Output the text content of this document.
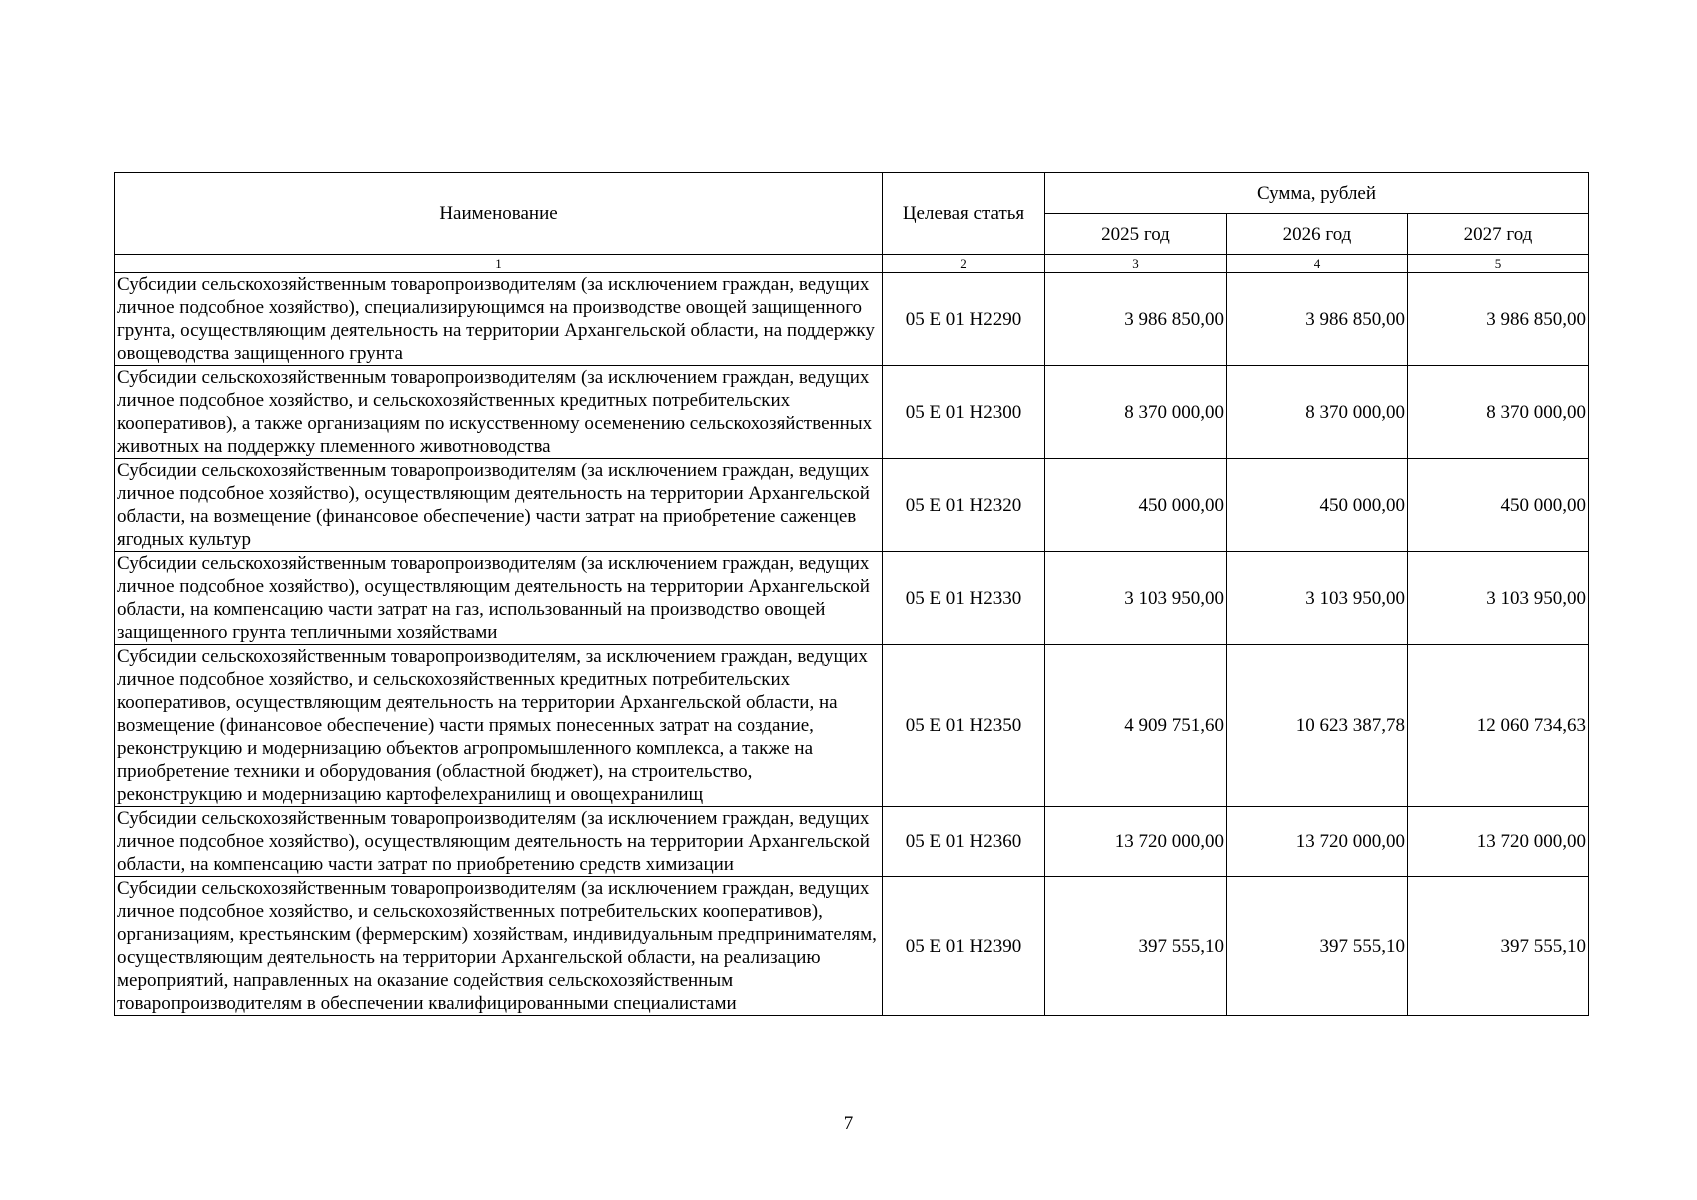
Наименование	Целевая статья	Сумма, рублей		
		2025 год	2026 год	2027 год
1	2	3	4	5
Субсидии сельскохозяйственным товаропроизводителям (за исключением граждан, ведущих личное подсобное хозяйство), специализирующимся на производстве овощей защищенного грунта, осуществляющим деятельность на территории Архангельской области, на поддержку овощеводства защищенного грунта	05 Е 01 Н2290	3 986 850,00	3 986 850,00	3 986 850,00
Субсидии сельскохозяйственным товаропроизводителям (за исключением граждан, ведущих личное подсобное хозяйство, и сельскохозяйственных кредитных потребительских кооперативов), а также организациям по искусственному осеменению сельскохозяйственных животных на поддержку племенного животноводства	05 Е 01 Н2300	8 370 000,00	8 370 000,00	8 370 000,00
Субсидии сельскохозяйственным товаропроизводителям (за исключением граждан, ведущих личное подсобное хозяйство), осуществляющим деятельность на территории Архангельской области, на возмещение (финансовое обеспечение) части затрат на приобретение саженцев ягодных культур	05 Е 01 Н2320	450 000,00	450 000,00	450 000,00
Субсидии сельскохозяйственным товаропроизводителям (за исключением граждан, ведущих личное подсобное хозяйство), осуществляющим деятельность на территории Архангельской области, на компенсацию части затрат на газ, использованный на производство овощей защищенного грунта тепличными хозяйствами	05 Е 01 Н2330	3 103 950,00	3 103 950,00	3 103 950,00
Субсидии сельскохозяйственным товаропроизводителям, за исключением граждан, ведущих личное подсобное хозяйство, и сельскохозяйственных кредитных потребительских кооперативов, осуществляющим деятельность на территории Архангельской области, на возмещение (финансовое обеспечение) части прямых понесенных затрат на создание, реконструкцию и модернизацию объектов агропромышленного комплекса, а также на приобретение техники и оборудования (областной бюджет), на строительство, реконструкцию и модернизацию картофелехранилищ и овощехранилищ	05 Е 01 Н2350	4 909 751,60	10 623 387,78	12 060 734,63
Субсидии сельскохозяйственным товаропроизводителям (за исключением граждан, ведущих личное подсобное хозяйство), осуществляющим деятельность на территории Архангельской области, на компенсацию части затрат по приобретению средств химизации	05 Е 01 Н2360	13 720 000,00	13 720 000,00	13 720 000,00
Субсидии сельскохозяйственным товаропроизводителям (за исключением граждан, ведущих личное подсобное хозяйство, и сельскохозяйственных потребительских кооперативов), организациям, крестьянским (фермерским) хозяйствам, индивидуальным предпринимателям, осуществляющим деятельность на территории Архангельской области, на реализацию мероприятий, направленных на оказание содействия сельскохозяйственным товаропроизводителям в обеспечении квалифицированными специалистами	05 Е 01 Н2390	397 555,10	397 555,10	397 555,10
7
